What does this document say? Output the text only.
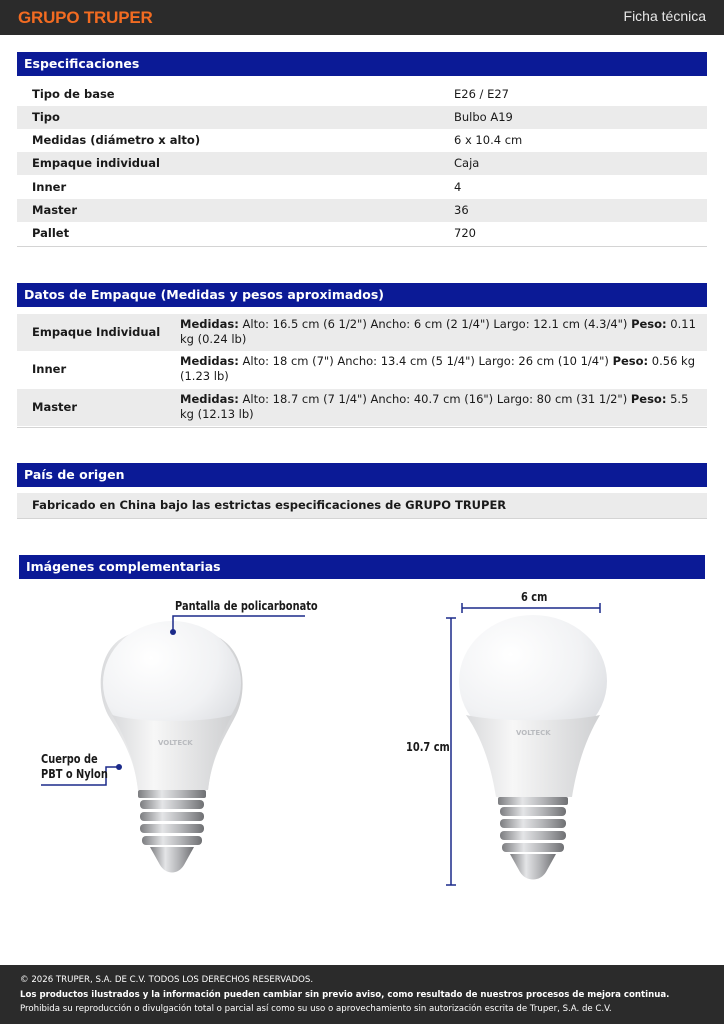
GRUPO TRUPER	Ficha técnica
Especificaciones
Tipo de base	E26 / E27
Tipo	Bulbo A19
Medidas (diámetro x alto)	6 x 10.4 cm
Empaque individual	Caja
Inner	4
Master	36
Pallet	720
Datos de Empaque (Medidas y pesos aproximados)
Empaque Individual
Medidas: Alto: 16.5 cm (6 1/2") Ancho: 6 cm (2 1/4") Largo: 12.1 cm (4.3/4") Peso: 0.11 kg (0.24 lb)
Inner
Medidas: Alto: 18 cm (7") Ancho: 13.4 cm (5 1/4") Largo: 26 cm (10 1/4") Peso: 0.56 kg (1.23 lb)
Master
Medidas: Alto: 18.7 cm (7 1/4") Ancho: 40.7 cm (16") Largo: 80 cm (31 1/2") Peso: 5.5 kg (12.13 lb)
País de origen
Fabricado en China bajo las estrictas especificaciones de GRUPO TRUPER
Imágenes complementarias
VOLTECK
VOLTECK
Pantalla de policarbonato
Cuerpo de
PBT o Nylon
6 cm
10.7 cm
© 2026 TRUPER, S.A. DE C.V. TODOS LOS DERECHOS RESERVADOS.
Los productos ilustrados y la información pueden cambiar sin previo aviso, como resultado de nuestros procesos de mejora continua.
Prohibida su reproducción o divulgación total o parcial así como su uso o aprovechamiento sin autorización escrita de Truper, S.A. de C.V.
